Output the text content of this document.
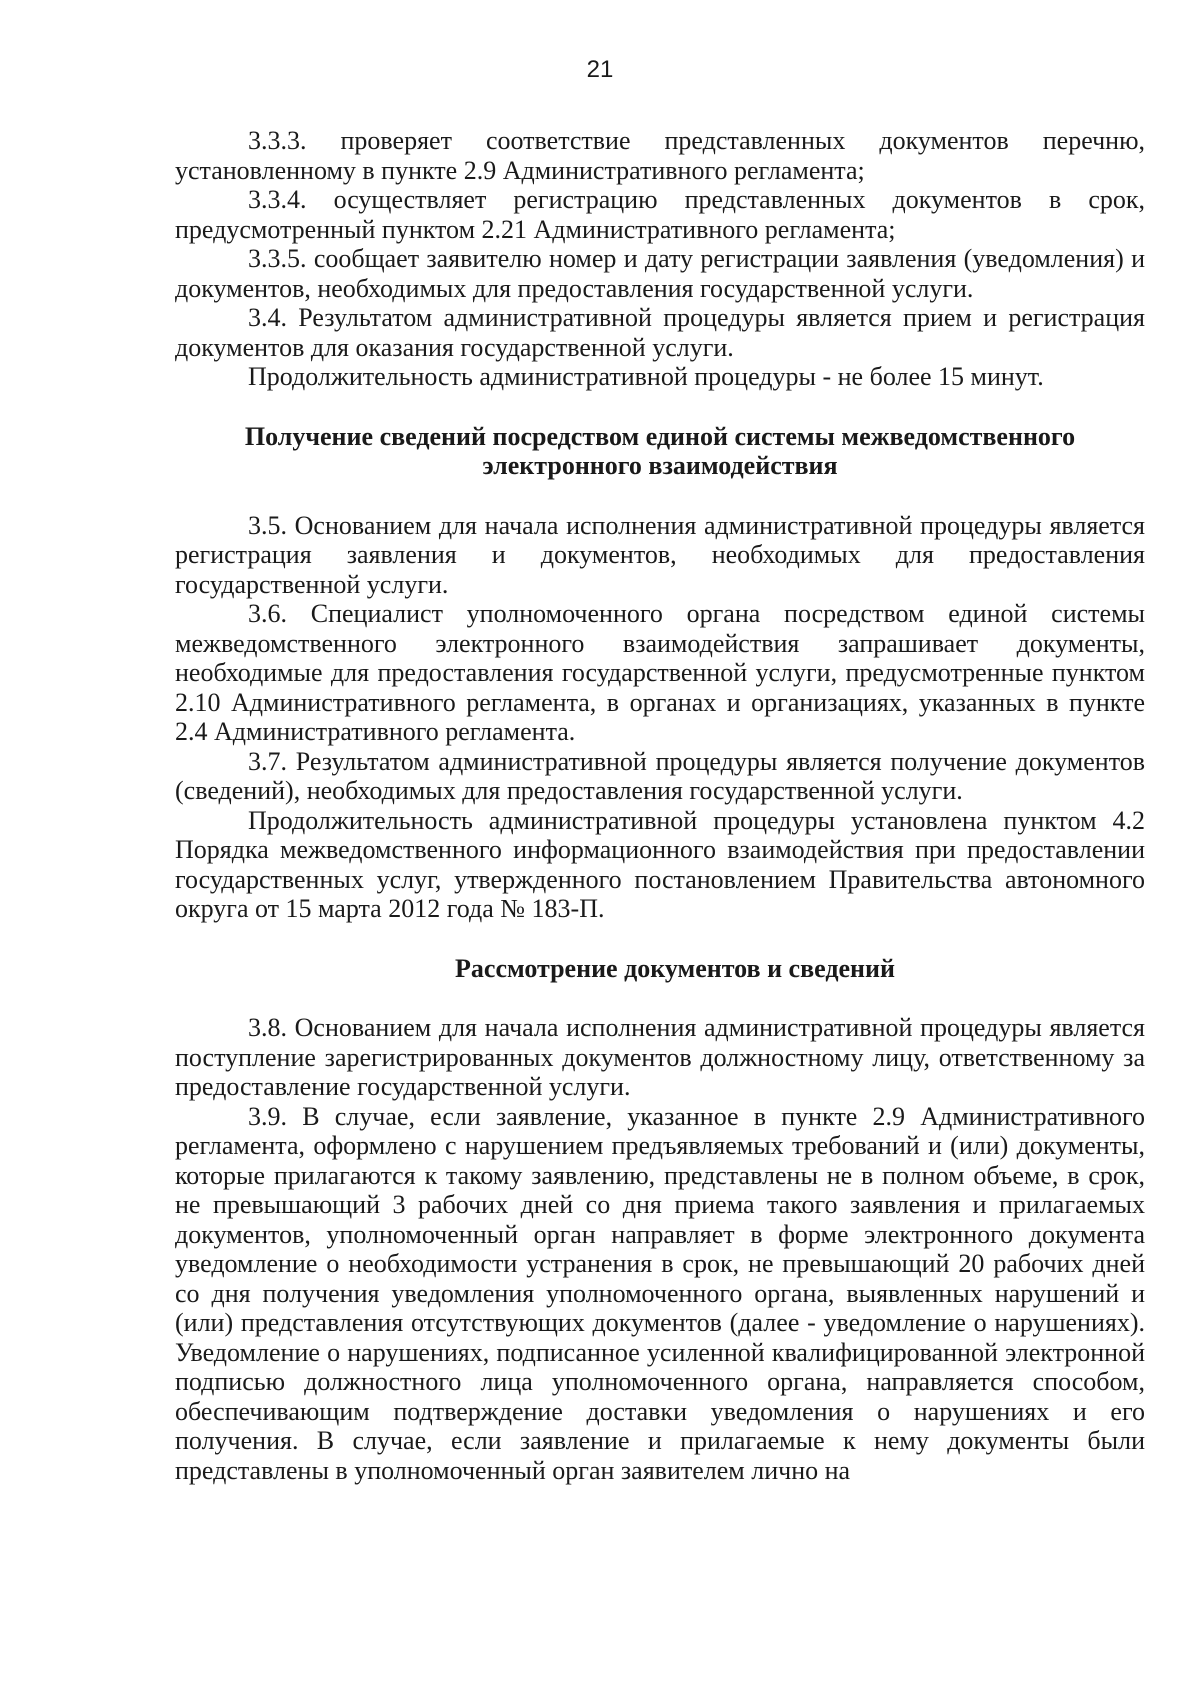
21

3.3.3. проверяет соответствие представленных документов перечню, установленному в пункте 2.9 Административного регламента;

3.3.4. осуществляет регистрацию представленных документов в срок, предусмотренный пунктом 2.21 Административного регламента;

3.3.5. сообщает заявителю номер и дату регистрации заявления (уведомления) и документов, необходимых для предоставления государственной услуги.

3.4. Результатом административной процедуры является прием и регистрация документов для оказания государственной услуги.

Продолжительность административной процедуры - не более 15 минут.

Получение сведений посредством единой системы межведомственного электронного взаимодействия

3.5. Основанием для начала исполнения административной процедуры является регистрация заявления и документов, необходимых для предоставления государственной услуги.

3.6. Специалист уполномоченного органа посредством единой системы межведомственного электронного взаимодействия запрашивает документы, необходимые для предоставления государственной услуги, предусмотренные пунктом 2.10 Административного регламента, в органах и организациях, указанных в пункте 2.4 Административного регламента.

3.7. Результатом административной процедуры является получение документов (сведений), необходимых для предоставления государственной услуги.

Продолжительность административной процедуры установлена пунктом 4.2 Порядка межведомственного информационного взаимодействия при предоставлении государственных услуг, утвержденного постановлением Правительства автономного округа от 15 марта 2012 года № 183-П.

Рассмотрение документов и сведений

3.8. Основанием для начала исполнения административной процедуры является поступление зарегистрированных документов должностному лицу, ответственному за предоставление государственной услуги.

3.9. В случае, если заявление, указанное в пункте 2.9 Административного регламента, оформлено с нарушением предъявляемых требований и (или) документы, которые прилагаются к такому заявлению, представлены не в полном объеме, в срок, не превышающий 3 рабочих дней со дня приема такого заявления и прилагаемых документов, уполномоченный орган направляет в форме электронного документа уведомление о необходимости устранения в срок, не превышающий 20 рабочих дней со дня получения уведомления уполномоченного органа, выявленных нарушений и (или) представления отсутствующих документов (далее - уведомление о нарушениях). Уведомление о нарушениях, подписанное усиленной квалифицированной электронной подписью должностного лица уполномоченного органа, направляется способом, обеспечивающим подтверждение доставки уведомления о нарушениях и его получения. В случае, если заявление и прилагаемые к нему документы были представлены в уполномоченный орган заявителем лично на
